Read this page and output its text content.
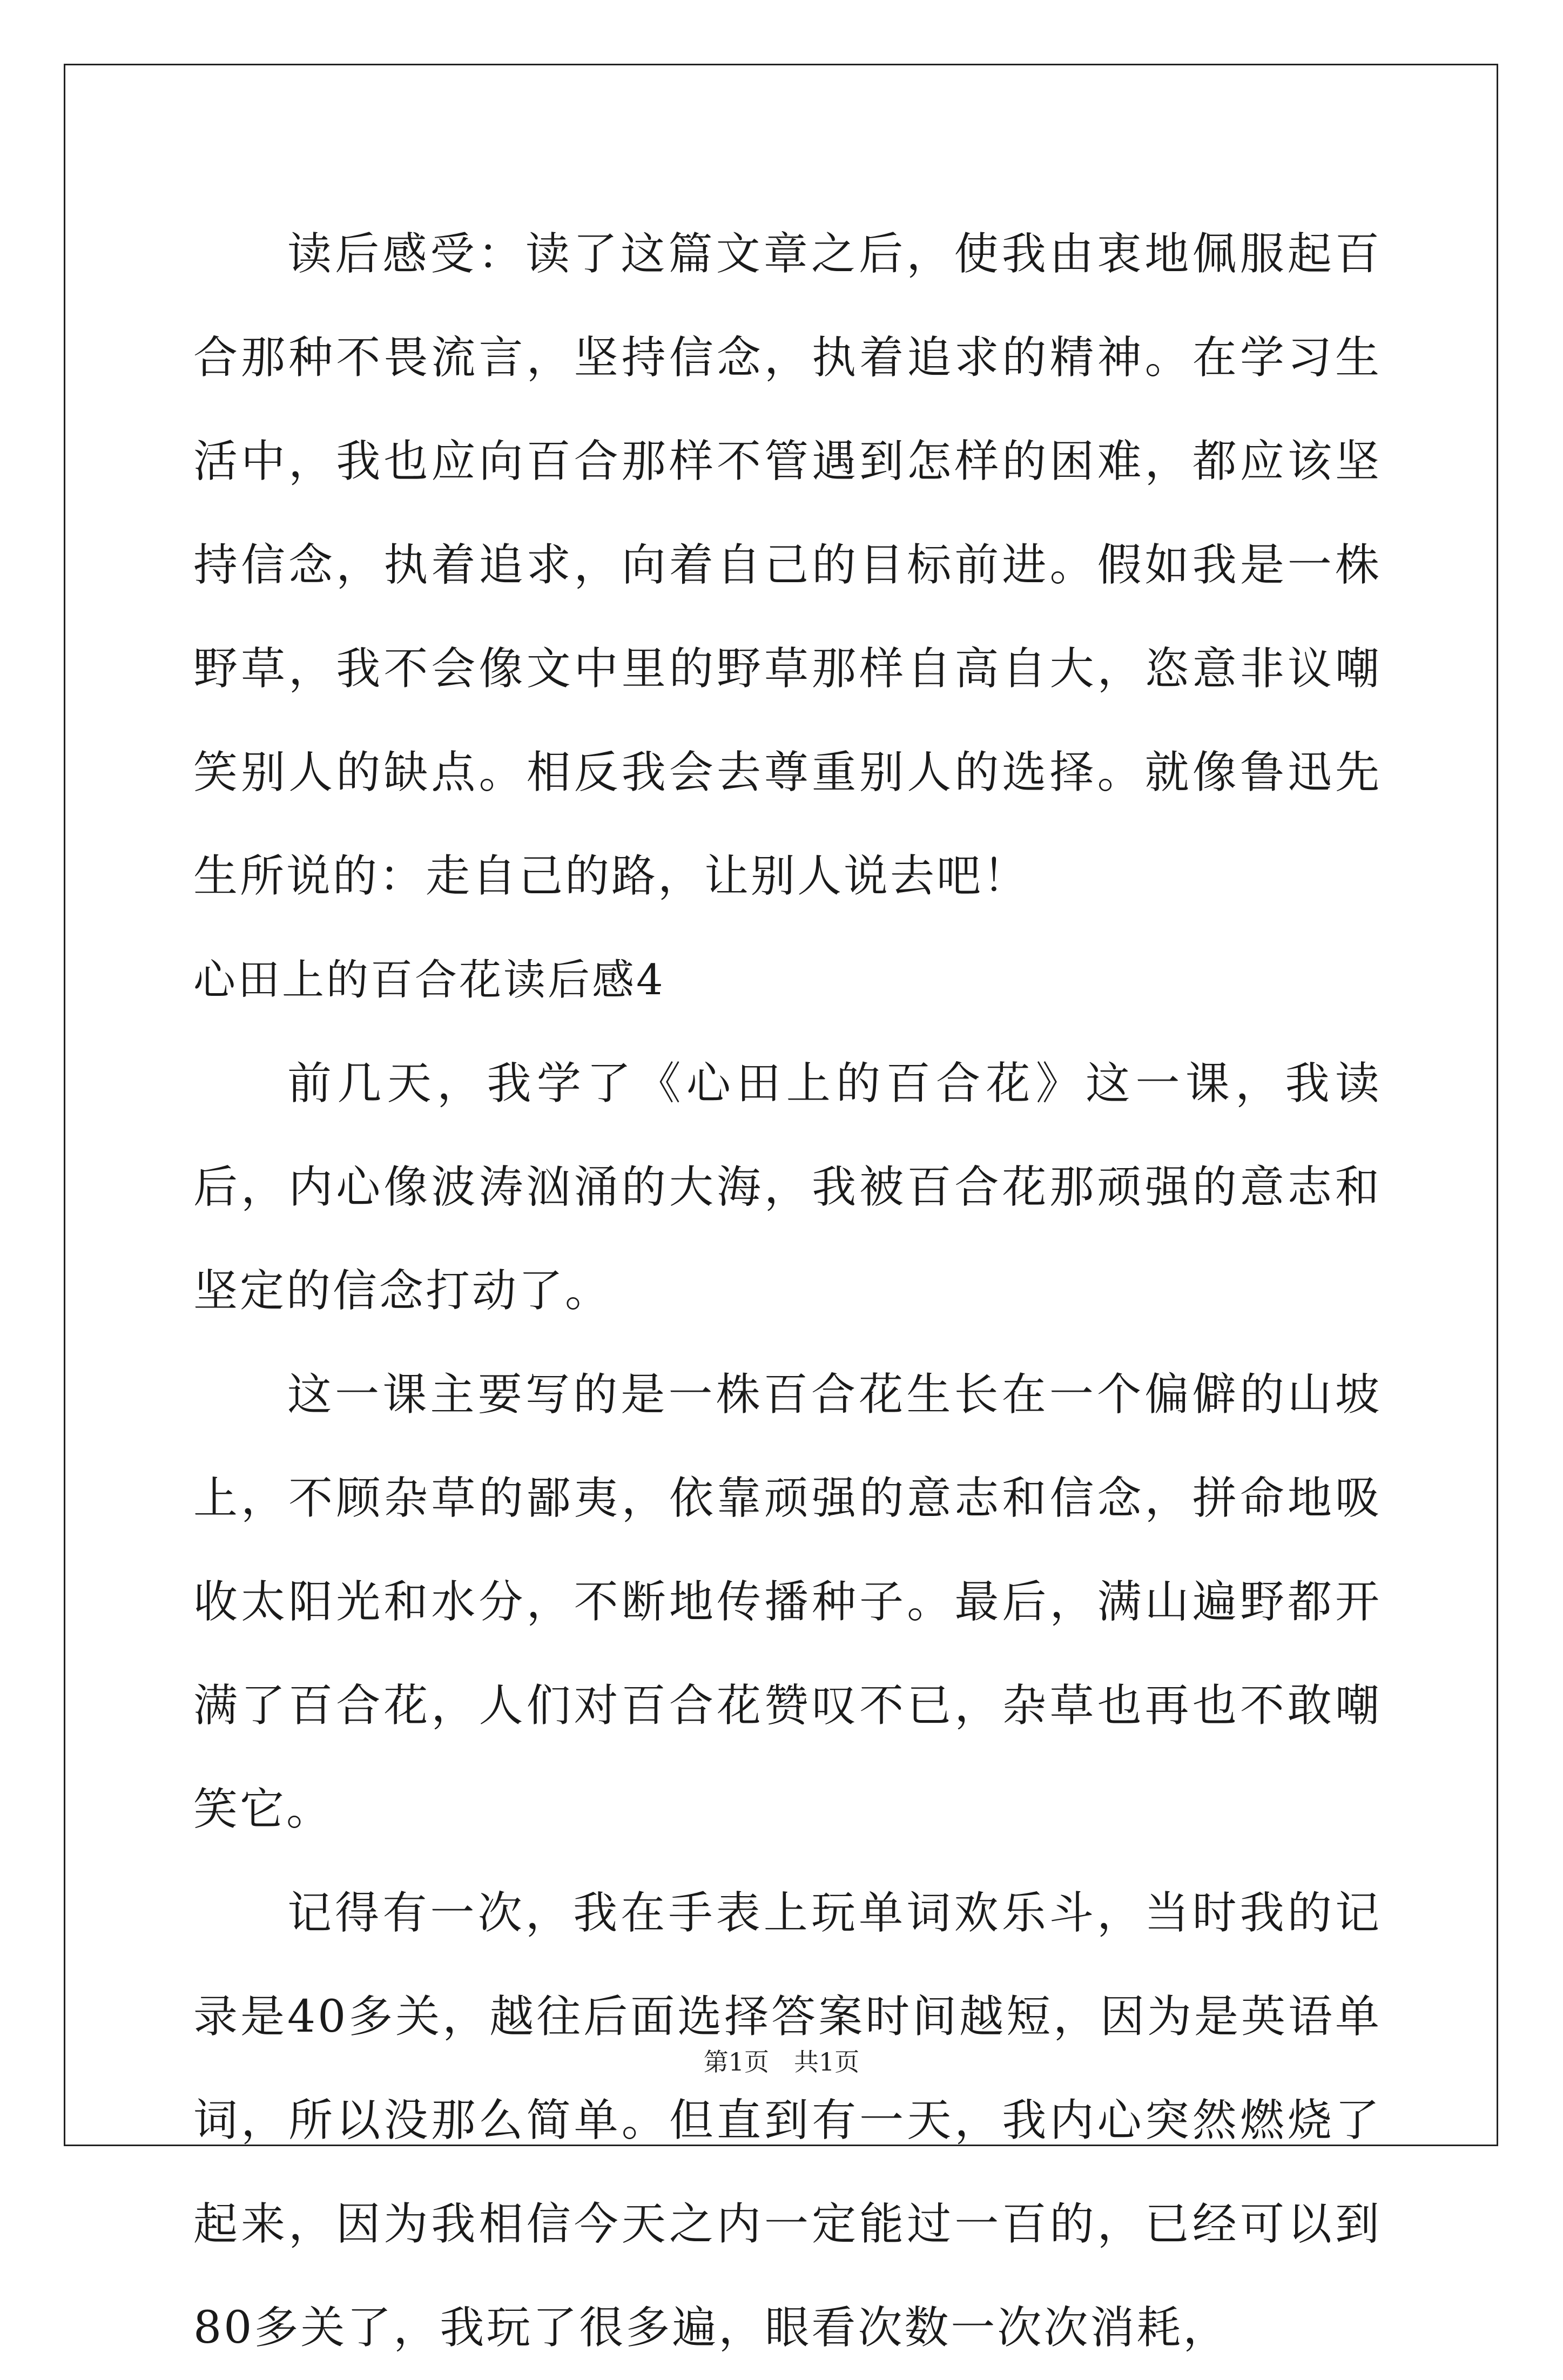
读后感受：读了这篇文章之后，使我由衷地佩服起百合那种不畏流言，坚持信念，执着追求的精神。在学习生活中，我也应向百合那样不管遇到怎样的困难，都应该坚持信念，执着追求，向着自己的目标前进。假如我是一株野草，我不会像文中里的野草那样自高自大，恣意非议嘲笑别人的缺点。相反我会去尊重别人的选择。就像鲁迅先生所说的：走自己的路，让别人说去吧！

心田上的百合花读后感4

前几天，我学了《心田上的百合花》这一课，我读后，内心像波涛汹涌的大海，我被百合花那顽强的意志和坚定的信念打动了。

这一课主要写的是一株百合花生长在一个偏僻的山坡上，不顾杂草的鄙夷，依靠顽强的意志和信念，拼命地吸收太阳光和水分，不断地传播种子。最后，满山遍野都开满了百合花，人们对百合花赞叹不已，杂草也再也不敢嘲笑它。

记得有一次，我在手表上玩单词欢乐斗，当时我的记录是40多关，越往后面选择答案时间越短，因为是英语单词，所以没那么简单。但直到有一天，我内心突然燃烧了起来，因为我相信今天之内一定能过一百的，已经可以到80多关了，我玩了很多遍，眼看次数一次次消耗，

第1页　共1页
